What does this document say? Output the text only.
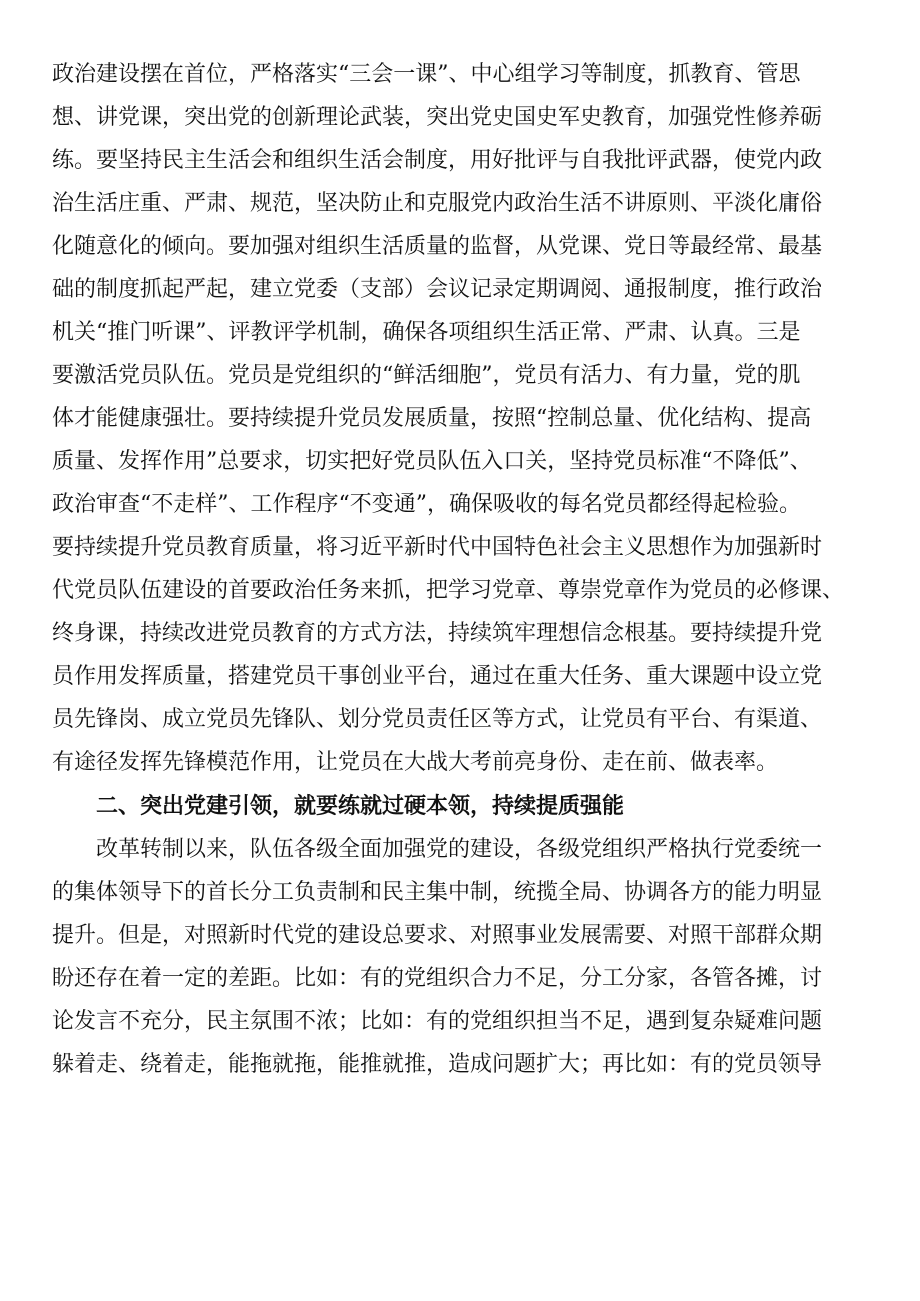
政治建设摆在首位，严格落实“三会一课”、中心组学习等制度，抓教育、管思
想、讲党课，突出党的创新理论武装，突出党史国史军史教育，加强党性修养砺
练。要坚持民主生活会和组织生活会制度，用好批评与自我批评武器，使党内政
治生活庄重、严肃、规范，坚决防止和克服党内政治生活不讲原则、平淡化庸俗
化随意化的倾向。要加强对组织生活质量的监督，从党课、党日等最经常、最基
础的制度抓起严起，建立党委（支部）会议记录定期调阅、通报制度，推行政治
机关“推门听课”、评教评学机制，确保各项组织生活正常、严肃、认真。三是
要激活党员队伍。党员是党组织的“鲜活细胞”，党员有活力、有力量，党的肌
体才能健康强壮。要持续提升党员发展质量，按照“控制总量、优化结构、提高
质量、发挥作用”总要求，切实把好党员队伍入口关，坚持党员标准“不降低”、
政治审查“不走样”、工作程序“不变通”，确保吸收的每名党员都经得起检验。
要持续提升党员教育质量，将习近平新时代中国特色社会主义思想作为加强新时
代党员队伍建设的首要政治任务来抓，把学习党章、尊崇党章作为党员的必修课、
终身课，持续改进党员教育的方式方法，持续筑牢理想信念根基。要持续提升党
员作用发挥质量，搭建党员干事创业平台，通过在重大任务、重大课题中设立党
员先锋岗、成立党员先锋队、划分党员责任区等方式，让党员有平台、有渠道、
有途径发挥先锋模范作用，让党员在大战大考前亮身份、走在前、做表率。
二、突出党建引领，就要练就过硬本领，持续提质强能
改革转制以来，队伍各级全面加强党的建设，各级党组织严格执行党委统一
的集体领导下的首长分工负责制和民主集中制，统揽全局、协调各方的能力明显
提升。但是，对照新时代党的建设总要求、对照事业发展需要、对照干部群众期
盼还存在着一定的差距。比如：有的党组织合力不足，分工分家，各管各摊，讨
论发言不充分，民主氛围不浓；比如：有的党组织担当不足，遇到复杂疑难问题
躲着走、绕着走，能拖就拖，能推就推，造成问题扩大；再比如：有的党员领导
